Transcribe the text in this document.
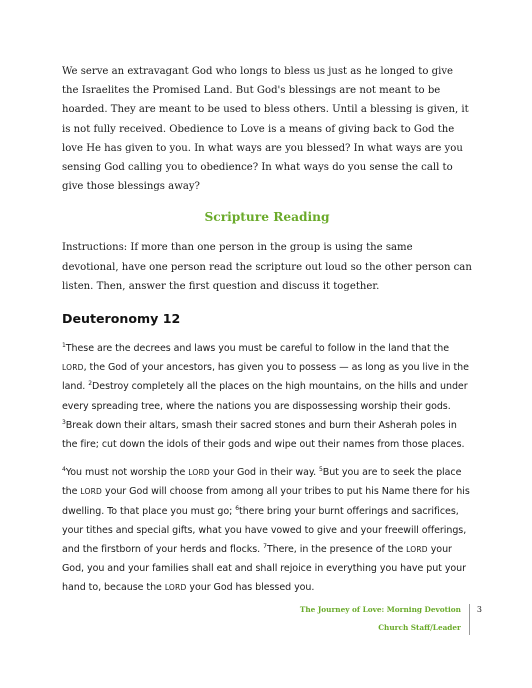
We serve an extravagant God who longs to bless us just as he longed to give the Israelites the Promised Land. But God's blessings are not meant to be hoarded. They are meant to be used to bless others. Until a blessing is given, it is not fully received. Obedience to Love is a means of giving back to God the love He has given to you. In what ways are you blessed? In what ways are you sensing God calling you to obedience? In what ways do you sense the call to give those blessings away?

Scripture Reading

Instructions: If more than one person in the group is using the same devotional, have one person read the scripture out loud so the other person can listen. Then, answer the first question and discuss it together.

Deuteronomy 12

$^1$These are the decrees and laws you must be careful to follow in the land that the LORD, the God of your ancestors, has given you to possess — as long as you live in the land. $^2$Destroy completely all the places on the high mountains, on the hills and under every spreading tree, where the nations you are dispossessing worship their gods. $^3$Break down their altars, smash their sacred stones and burn their Asherah poles in the fire; cut down the idols of their gods and wipe out their names from those places.

$^4$You must not worship the LORD your God in their way. $^5$But you are to seek the place the LORD your God will choose from among all your tribes to put his Name there for his dwelling. To that place you must go; $^6$there bring your burnt offerings and sacrifices, your tithes and special gifts, what you have vowed to give and your freewill offerings, and the firstborn of your herds and flocks. $^7$There, in the presence of the LORD your God, you and your families shall eat and shall rejoice in everything you have put your hand to, because the LORD your God has blessed you.

The Journey of Love: Morning Devotion
Church Staff/Leader
3
